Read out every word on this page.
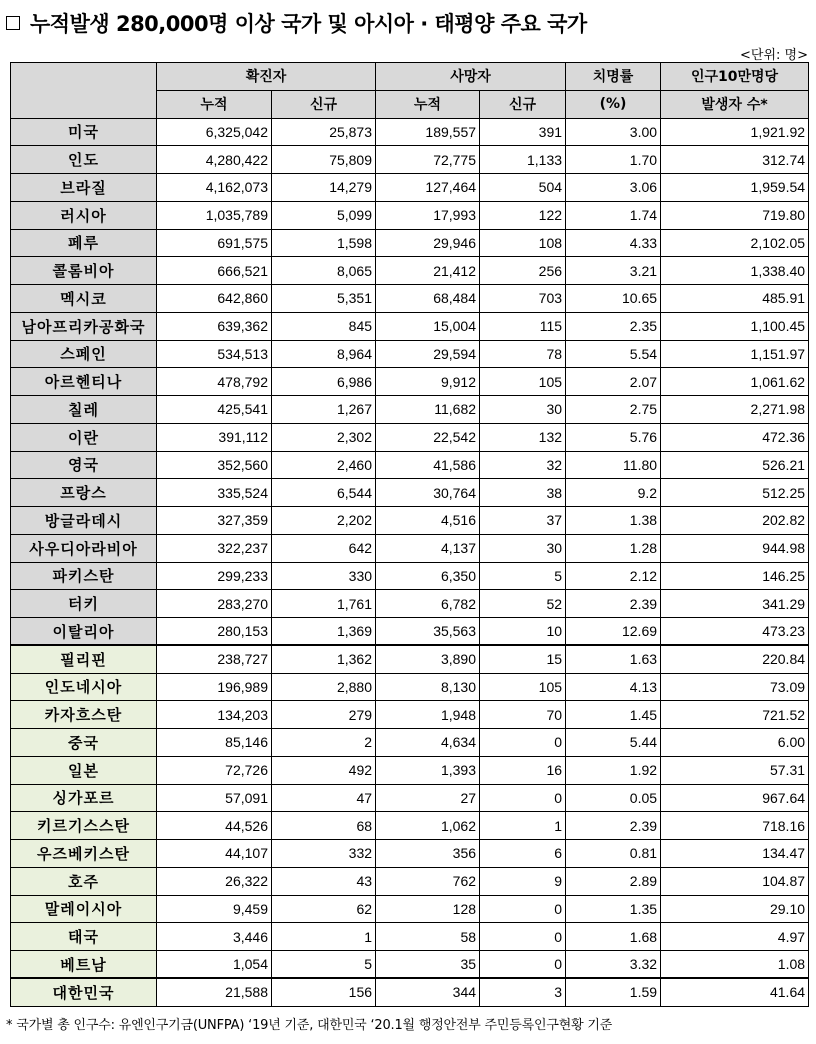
누적발생 280,000명 이상 국가 및 아시아 · 태평양 주요 국가
<단위: 명>
	확진자		사망자		치명률	인구10만명당
	누적	신규	누적	신규	(%)	발생자 수*
미국	6,325,042	25,873	189,557	391	3.00	1,921.92
인도	4,280,422	75,809	72,775	1,133	1.70	312.74
브라질	4,162,073	14,279	127,464	504	3.06	1,959.54
러시아	1,035,789	5,099	17,993	122	1.74	719.80
페루	691,575	1,598	29,946	108	4.33	2,102.05
콜롬비아	666,521	8,065	21,412	256	3.21	1,338.40
멕시코	642,860	5,351	68,484	703	10.65	485.91
남아프리카공화국	639,362	845	15,004	115	2.35	1,100.45
스페인	534,513	8,964	29,594	78	5.54	1,151.97
아르헨티나	478,792	6,986	9,912	105	2.07	1,061.62
칠레	425,541	1,267	11,682	30	2.75	2,271.98
이란	391,112	2,302	22,542	132	5.76	472.36
영국	352,560	2,460	41,586	32	11.80	526.21
프랑스	335,524	6,544	30,764	38	9.2	512.25
방글라데시	327,359	2,202	4,516	37	1.38	202.82
사우디아라비아	322,237	642	4,137	30	1.28	944.98
파키스탄	299,233	330	6,350	5	2.12	146.25
터키	283,270	1,761	6,782	52	2.39	341.29
이탈리아	280,153	1,369	35,563	10	12.69	473.23
필리핀	238,727	1,362	3,890	15	1.63	220.84
인도네시아	196,989	2,880	8,130	105	4.13	73.09
카자흐스탄	134,203	279	1,948	70	1.45	721.52
중국	85,146	2	4,634	0	5.44	6.00
일본	72,726	492	1,393	16	1.92	57.31
싱가포르	57,091	47	27	0	0.05	967.64
키르기스스탄	44,526	68	1,062	1	2.39	718.16
우즈베키스탄	44,107	332	356	6	0.81	134.47
호주	26,322	43	762	9	2.89	104.87
말레이시아	9,459	62	128	0	1.35	29.10
태국	3,446	1	58	0	1.68	4.97
베트남	1,054	5	35	0	3.32	1.08
대한민국	21,588	156	344	3	1.59	41.64
* 국가별 총 인구수: 유엔인구기금(UNFPA) ‘19년 기준, 대한민국 ‘20.1월 행정안전부 주민등록인구현황 기준
